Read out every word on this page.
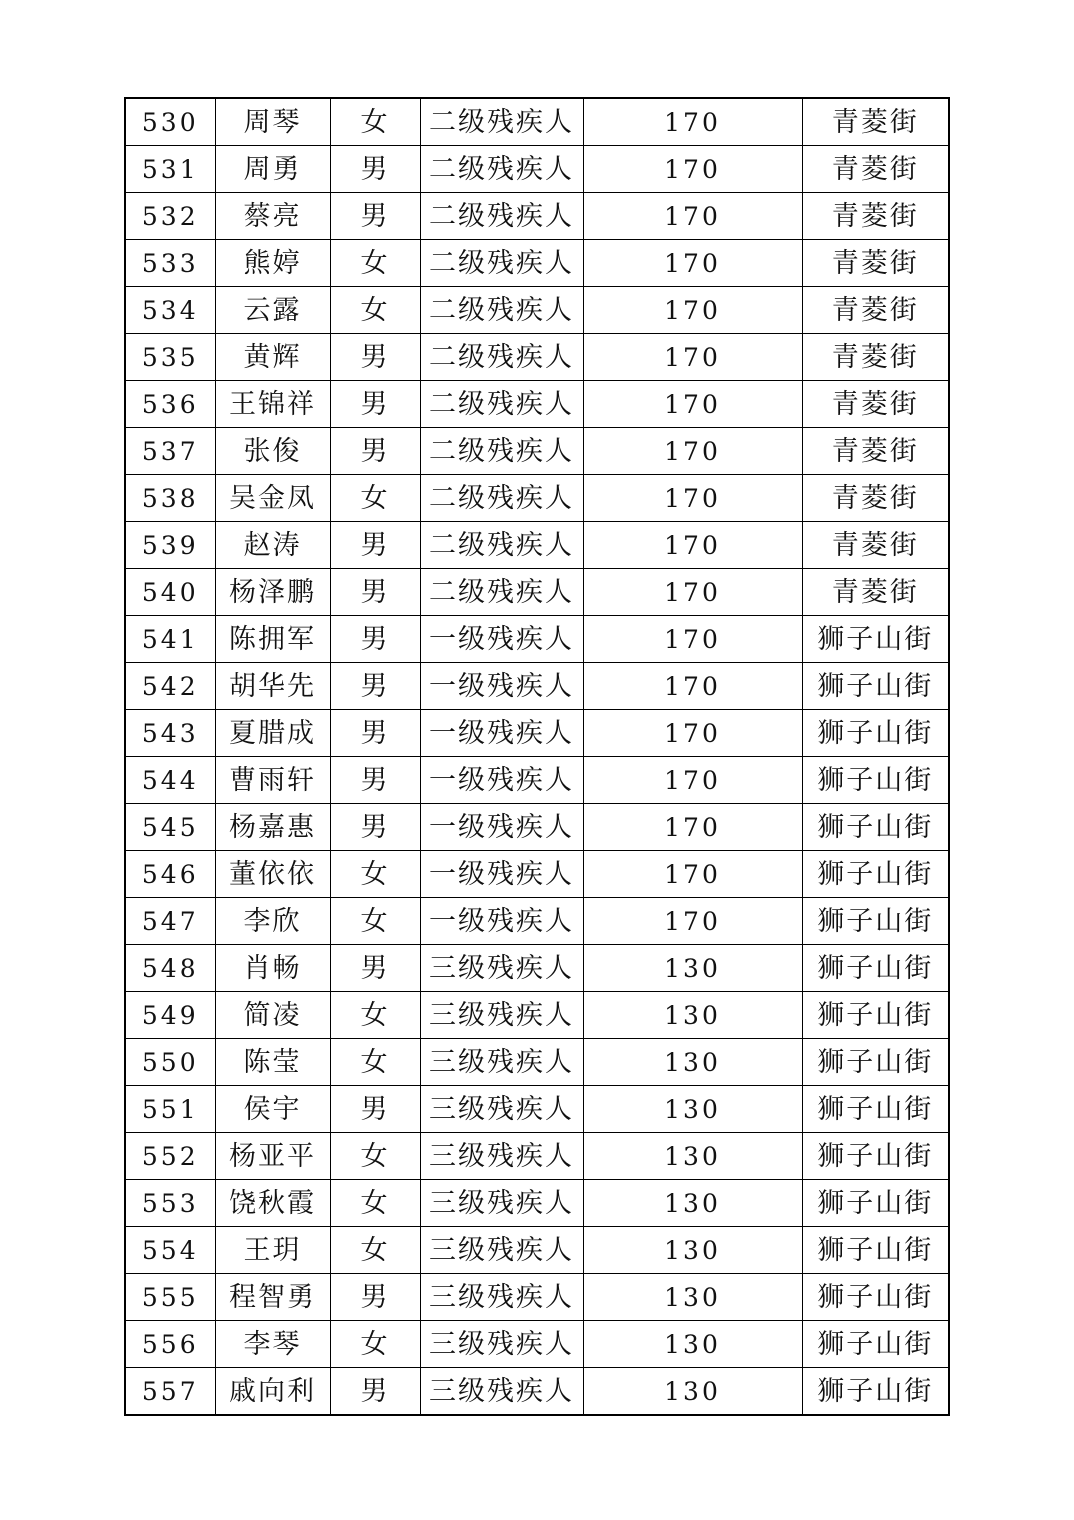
530	周琴	女	二级残疾人	170	青菱街
531	周勇	男	二级残疾人	170	青菱街
532	蔡亮	男	二级残疾人	170	青菱街
533	熊婷	女	二级残疾人	170	青菱街
534	云露	女	二级残疾人	170	青菱街
535	黄辉	男	二级残疾人	170	青菱街
536	王锦祥	男	二级残疾人	170	青菱街
537	张俊	男	二级残疾人	170	青菱街
538	吴金凤	女	二级残疾人	170	青菱街
539	赵涛	男	二级残疾人	170	青菱街
540	杨泽鹏	男	二级残疾人	170	青菱街
541	陈拥军	男	一级残疾人	170	狮子山街
542	胡华先	男	一级残疾人	170	狮子山街
543	夏腊成	男	一级残疾人	170	狮子山街
544	曹雨轩	男	一级残疾人	170	狮子山街
545	杨嘉惠	男	一级残疾人	170	狮子山街
546	董依依	女	一级残疾人	170	狮子山街
547	李欣	女	一级残疾人	170	狮子山街
548	肖畅	男	三级残疾人	130	狮子山街
549	简凌	女	三级残疾人	130	狮子山街
550	陈莹	女	三级残疾人	130	狮子山街
551	侯宇	男	三级残疾人	130	狮子山街
552	杨亚平	女	三级残疾人	130	狮子山街
553	饶秋霞	女	三级残疾人	130	狮子山街
554	王玥	女	三级残疾人	130	狮子山街
555	程智勇	男	三级残疾人	130	狮子山街
556	李琴	女	三级残疾人	130	狮子山街
557	戚向利	男	三级残疾人	130	狮子山街
